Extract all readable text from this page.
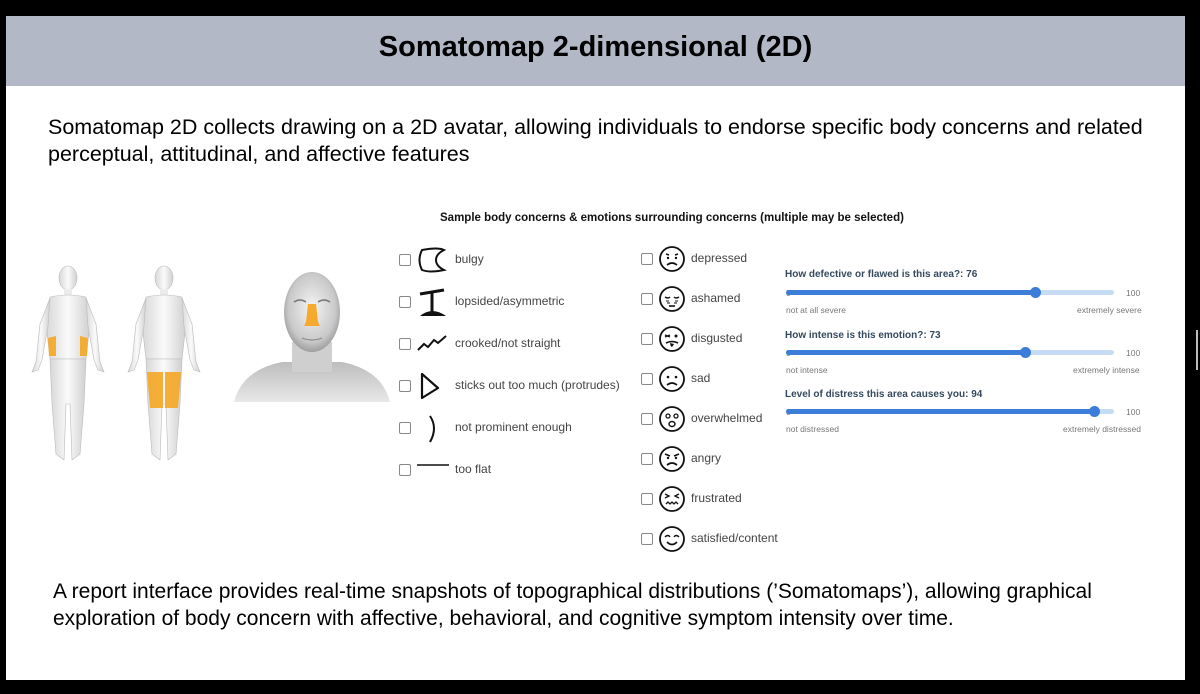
Somatomap 2-dimensional (2D)
Somatomap 2D collects drawing on a 2D avatar, allowing individuals to endorse specific body concerns and related perceptual, attitudinal, and affective features
Sample body concerns & emotions surrounding concerns (multiple may be selected)
bulgy
lopsided/asymmetric
crooked/not straight
sticks out too much (protrudes)
not prominent enough
too flat
depressed
ashamed
disgusted
sad
overwhelmed
angry
frustrated
satisfied/content
How defective or flawed is this area?: 76
100
not at all severe	extremely severe
How intense is this emotion?: 73
100
not intense	extremely intense
Level of distress this area causes you: 94
100
not distressed	extremely distressed
A report interface provides real-time snapshots of topographical distributions (’Somatomaps’), allowing graphical exploration of body concern with affective, behavioral, and cognitive symptom intensity over time.
